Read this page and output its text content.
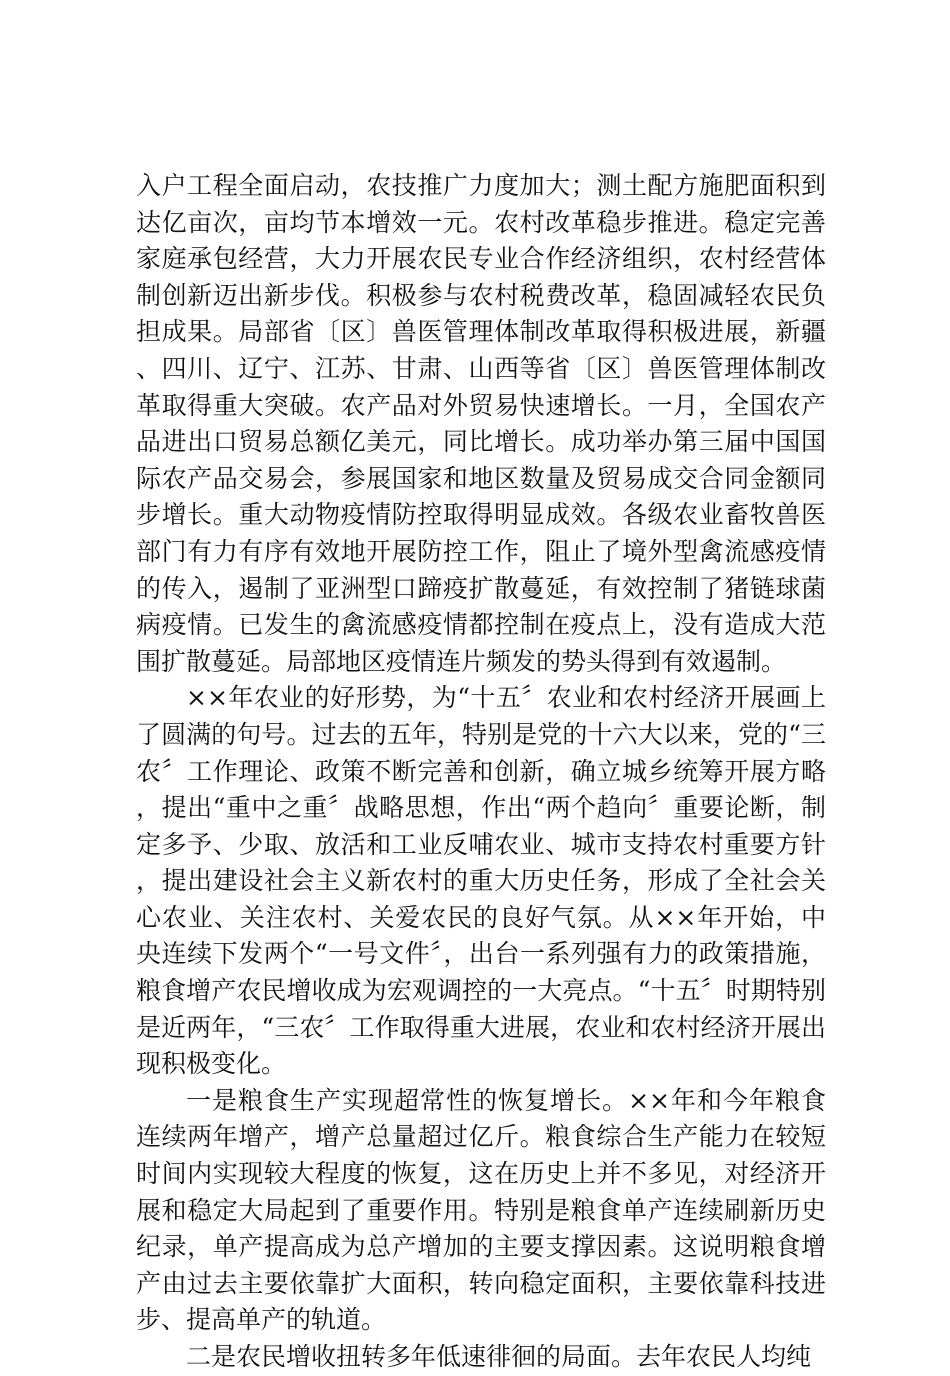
入户工程全面启动，农技推广力度加大；测土配方施肥面积到达亿亩次，亩均节本增效一元。农村改革稳步推进。稳定完善家庭承包经营，大力开展农民专业合作经济组织，农村经营体制创新迈出新步伐。积极参与农村税费改革，稳固减轻农民负担成果。局部省〔区〕兽医管理体制改革取得积极进展，新疆、四川、辽宁、江苏、甘肃、山西等省〔区〕兽医管理体制改革取得重大突破。农产品对外贸易快速增长。一月，全国农产品进出口贸易总额亿美元，同比增长。成功举办第三届中国国际农产品交易会，参展国家和地区数量及贸易成交合同金额同步增长。重大动物疫情防控取得明显成效。各级农业畜牧兽医部门有力有序有效地开展防控工作，阻止了境外型禽流感疫情的传入，遏制了亚洲型口蹄疫扩散蔓延，有效控制了猪链球菌病疫情。已发生的禽流感疫情都控制在疫点上，没有造成大范围扩散蔓延。局部地区疫情连片频发的势头得到有效遏制。

××年农业的好形势，为“十五〞农业和农村经济开展画上了圆满的句号。过去的五年，特别是党的十六大以来，党的“三农〞工作理论、政策不断完善和创新，确立城乡统筹开展方略，提出“重中之重〞战略思想，作出“两个趋向〞重要论断，制定多予、少取、放活和工业反哺农业、城市支持农村重要方针，提出建设社会主义新农村的重大历史任务，形成了全社会关心农业、关注农村、关爱农民的良好气氛。从××年开始，中央连续下发两个“一号文件〞，出台一系列强有力的政策措施，粮食增产农民增收成为宏观调控的一大亮点。“十五〞时期特别是近两年，“三农〞工作取得重大进展，农业和农村经济开展出现积极变化。

一是粮食生产实现超常性的恢复增长。××年和今年粮食连续两年增产，增产总量超过亿斤。粮食综合生产能力在较短时间内实现较大程度的恢复，这在历史上并不多见，对经济开展和稳定大局起到了重要作用。特别是粮食单产连续刷新历史纪录，单产提高成为总产增加的主要支撑因素。这说明粮食增产由过去主要依靠扩大面积，转向稳定面积，主要依靠科技进步、提高单产的轨道。

二是农民增收扭转多年低速徘徊的局面。去年农民人均纯
